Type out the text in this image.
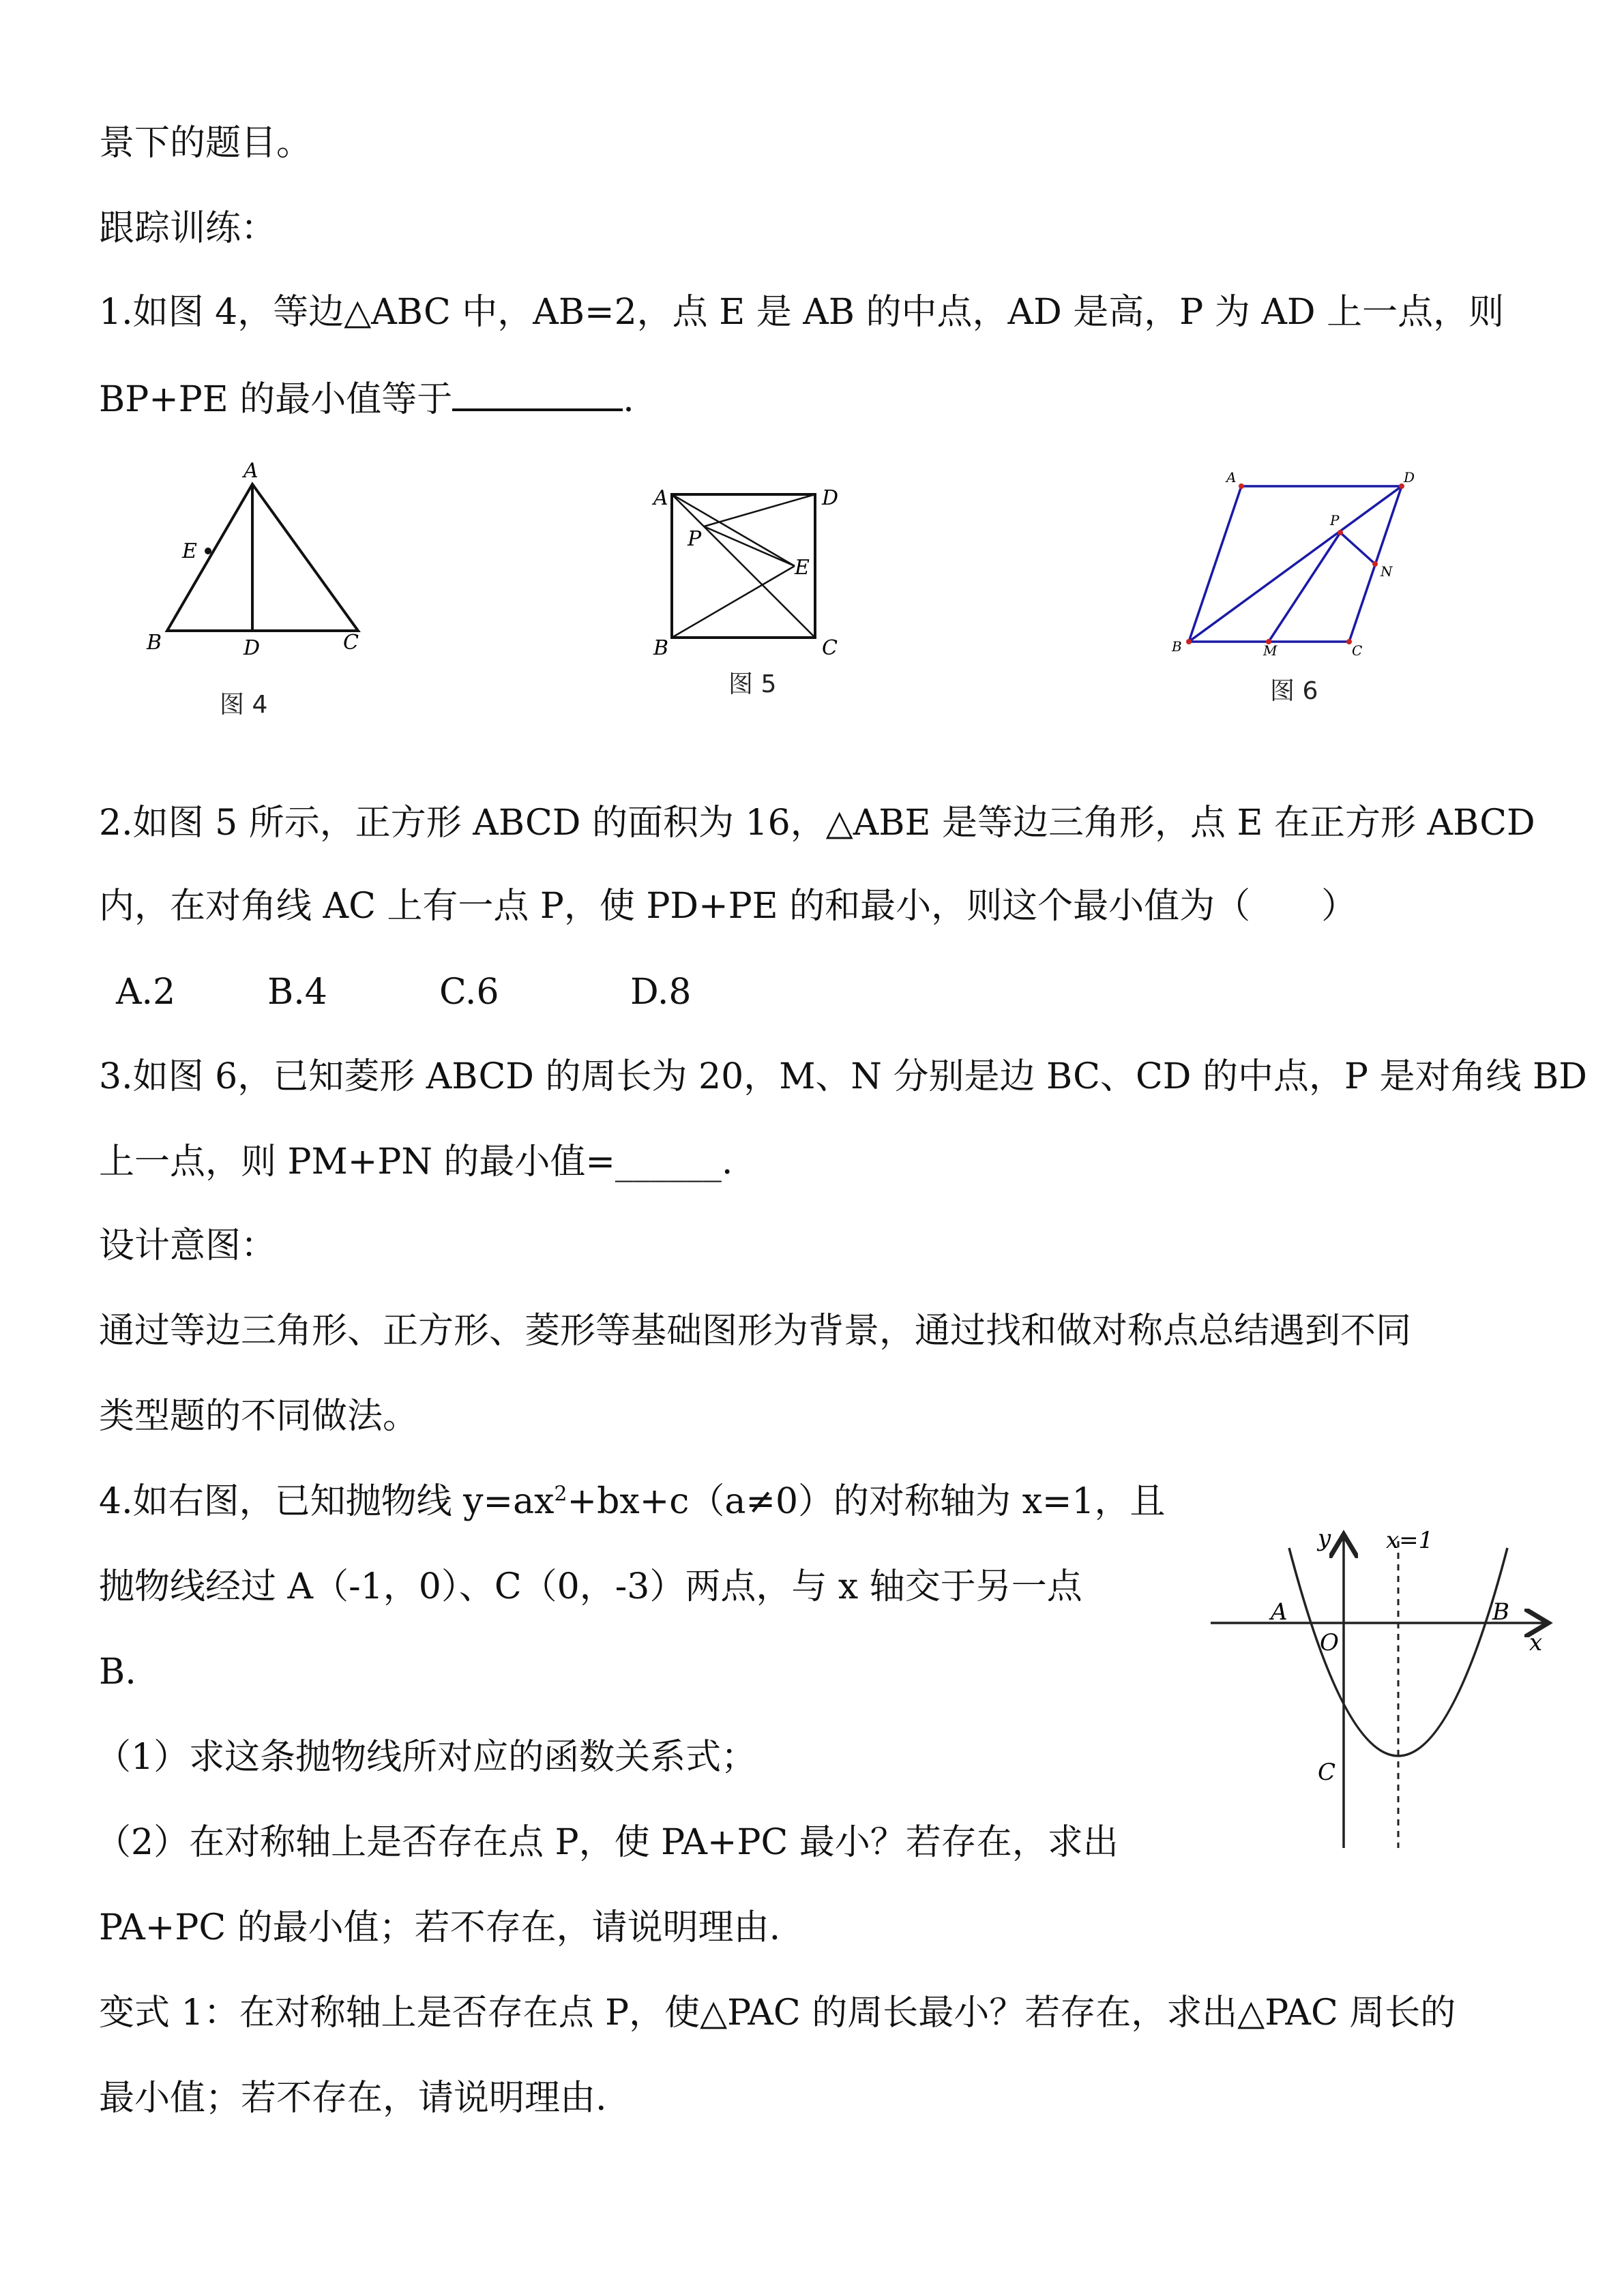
景下的题目。
跟踪训练：
1.如图 4，等边△ABC 中，AB=2，点 E 是 AB 的中点，AD 是高，P 为 AD 上一点，则
BP+PE 的最小值等于	.
A
E
B	D	C
图 4
A	D
P
E
B	C
图 5
A	D
P
N
B	M	C
图 6
2.如图 5 所示，正方形 ABCD 的面积为 16，△ABE 是等边三角形，点 E 在正方形 ABCD
内，在对角线 AC 上有一点 P，使 PD+PE 的和最小，则这个最小值为（　　）
A.2	B.4	C.6	D.8
3.如图 6，已知菱形 ABCD 的周长为 20，M、N 分别是边 BC、CD 的中点，P 是对角线 BD
上一点，则 PM+PN 的最小值=______.
设计意图：
通过等边三角形、正方形、菱形等基础图形为背景，通过找和做对称点总结遇到不同
类型题的不同做法。
4.如右图，已知抛物线 $y=ax^2+bx+c(a\ne 0)$的对称轴为 x=1，且
抛物线经过 A（-1，0）、C（0，-3）两点，与 x 轴交于另一点
B.
（1）求这条抛物线所对应的函数关系式；
（2）在对称轴上是否存在点 P，使 PA+PC 最小？若存在，求出
PA+PC 的最小值；若不存在，请说明理由.
y x=1
A	B
O	x
C
变式 1：在对称轴上是否存在点 P，使△PAC 的周长最小？若存在，求出△PAC 周长的
最小值；若不存在，请说明理由.
